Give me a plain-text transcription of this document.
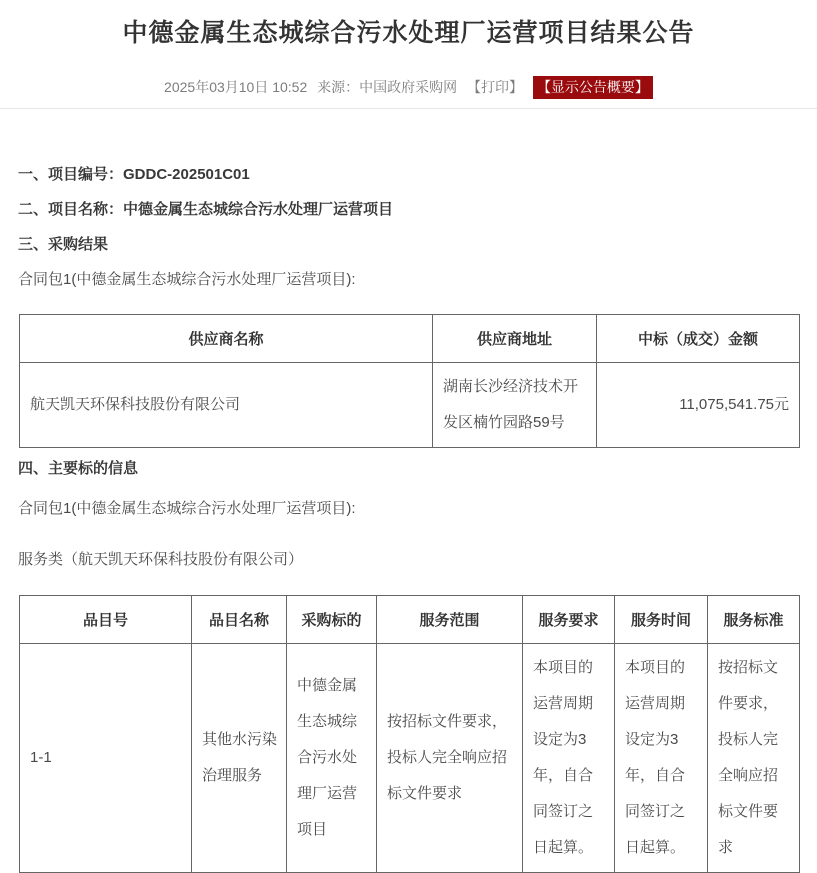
中德金属生态城综合污水处理厂运营项目结果公告
2025年03月10日 10:52 来源：中国政府采购网 【打印】 【显示公告概要】

一、项目编号：GDDC-202501C01

二、项目名称：中德金属生态城综合污水处理厂运营项目

三、采购结果

合同包1(中德金属生态城综合污水处理厂运营项目):

供应商名称	供应商地址	中标（成交）金额
航天凯天环保科技股份有限公司	湖南长沙经济技术开发区楠竹园路59号	11,075,541.75元

四、主要标的信息

合同包1(中德金属生态城综合污水处理厂运营项目):

服务类（航天凯天环保科技股份有限公司）

品目号	品目名称	采购标的	服务范围	服务要求	服务时间	服务标准
1-1	其他水污染治理服务	中德金属生态城综合污水处理厂运营项目	按招标文件要求，投标人完全响应招标文件要求	本项目的运营周期设定为3年，自合同签订之日起算。	本项目的运营周期设定为3年，自合同签订之日起算。	按招标文件要求，投标人完全响应招标文件要求
